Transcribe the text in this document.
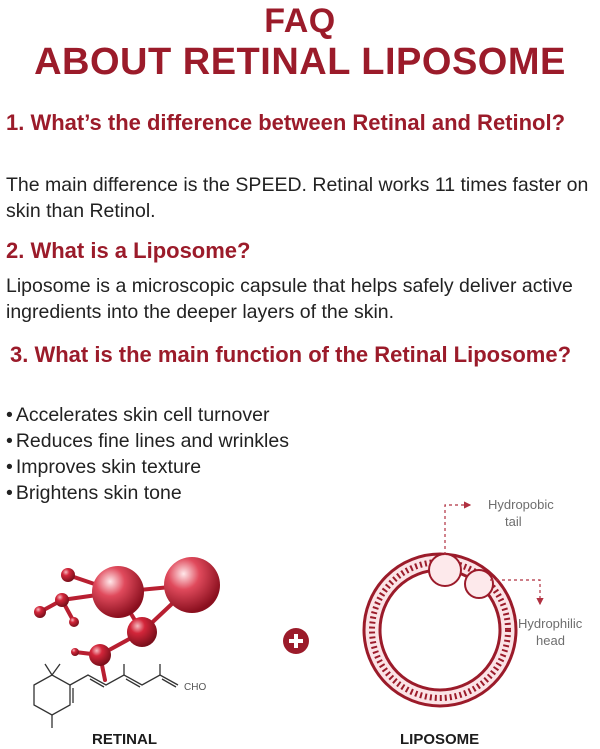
FAQ
ABOUT RETINAL LIPOSOME

1. What’s the difference between Retinal and Retinol?

The main difference is the SPEED. Retinal works 11 times faster on skin than Retinol.

2. What is a Liposome?

Liposome is a microscopic capsule that helps safely deliver active ingredients into the deeper layers of the skin.

3. What is the main function of the Retinal Liposome?

• Accelerates skin cell turnover
• Reduces fine lines and wrinkles
• Improves skin texture
• Brightens skin tone
CHO
Hydropobic
tail
Hydrophilic
head
RETINAL	LIPOSOME
